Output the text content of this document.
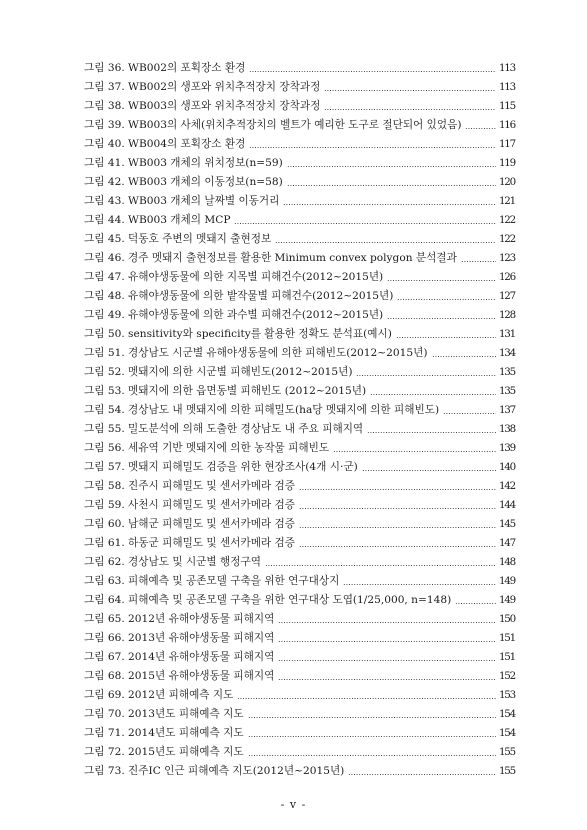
그림 36. WB002의 포획장소 환경	113
그림 37. WB002의 생포와 위치추적장치 장착과정	113
그림 38. WB003의 생포와 위치추적장치 장착과정	115
그림 39. WB003의 사체(위치추적장치의 벨트가 예리한 도구로 절단되어 있었음)	116
그림 40. WB004의 포획장소 환경	117
그림 41. WB003 개체의 위치정보(n=59)	119
그림 42. WB003 개체의 이동정보(n=58)	120
그림 43. WB003 개체의 날짜별 이동거리	121
그림 44. WB003 개체의 MCP	122
그림 45. 덕동호 주변의 멧돼지 출현정보	122
그림 46. 경주 멧돼지 출현정보를 활용한 Minimum convex polygon 분석결과	123
그림 47. 유해야생동물에 의한 지목별 피해건수(2012~2015년)	126
그림 48. 유해야생동물에 의한 밭작물별 피해건수(2012~2015년)	127
그림 49. 유해야생동물에 의한 과수별 피해건수(2012~2015년)	128
그림 50. sensitivity와 specificity를 활용한 정확도 분석표(예시)	131
그림 51. 경상남도 시군별 유해야생동물에 의한 피해빈도(2012~2015년)	134
그림 52. 멧돼지에 의한 시군별 피해빈도(2012~2015년)	135
그림 53. 멧돼지에 의한 읍면동별 피해빈도 (2012~2015년)	135
그림 54. 경상남도 내 멧돼지에 의한 피해밀도(ha당 멧돼지에 의한 피해빈도)	137
그림 55. 밀도분석에 의해 도출한 경상남도 내 주요 피해지역	138
그림 56. 세유역 기반 멧돼지에 의한 농작물 피해빈도	139
그림 57. 멧돼지 피해밀도 검증을 위한 현장조사(4개 시·군)	140
그림 58. 진주시 피해밀도 및 센서카메라 검증	142
그림 59. 사천시 피해밀도 및 센서카메라 검증	144
그림 60. 남해군 피해밀도 및 센서카메라 검증	145
그림 61. 하동군 피해밀도 및 센서카메라 검증	147
그림 62. 경상남도 및 시군별 행정구역	148
그림 63. 피해예측 및 공존모델 구축을 위한 연구대상지	149
그림 64. 피해예측 및 공존모델 구축을 위한 연구대상 도엽(1/25,000, n=148)	149
그림 65. 2012년 유해야생동물 피해지역	150
그림 66. 2013년 유해야생동물 피해지역	151
그림 67. 2014년 유해야생동물 피해지역	151
그림 68. 2015년 유해야생동물 피해지역	152
그림 69. 2012년 피해예측 지도	153
그림 70. 2013년도 피해예측 지도	154
그림 71. 2014년도 피해예측 지도	154
그림 72. 2015년도 피해예측 지도	155
그림 73. 진주IC 인근 피해예측 지도(2012년~2015년)	155
- v -
